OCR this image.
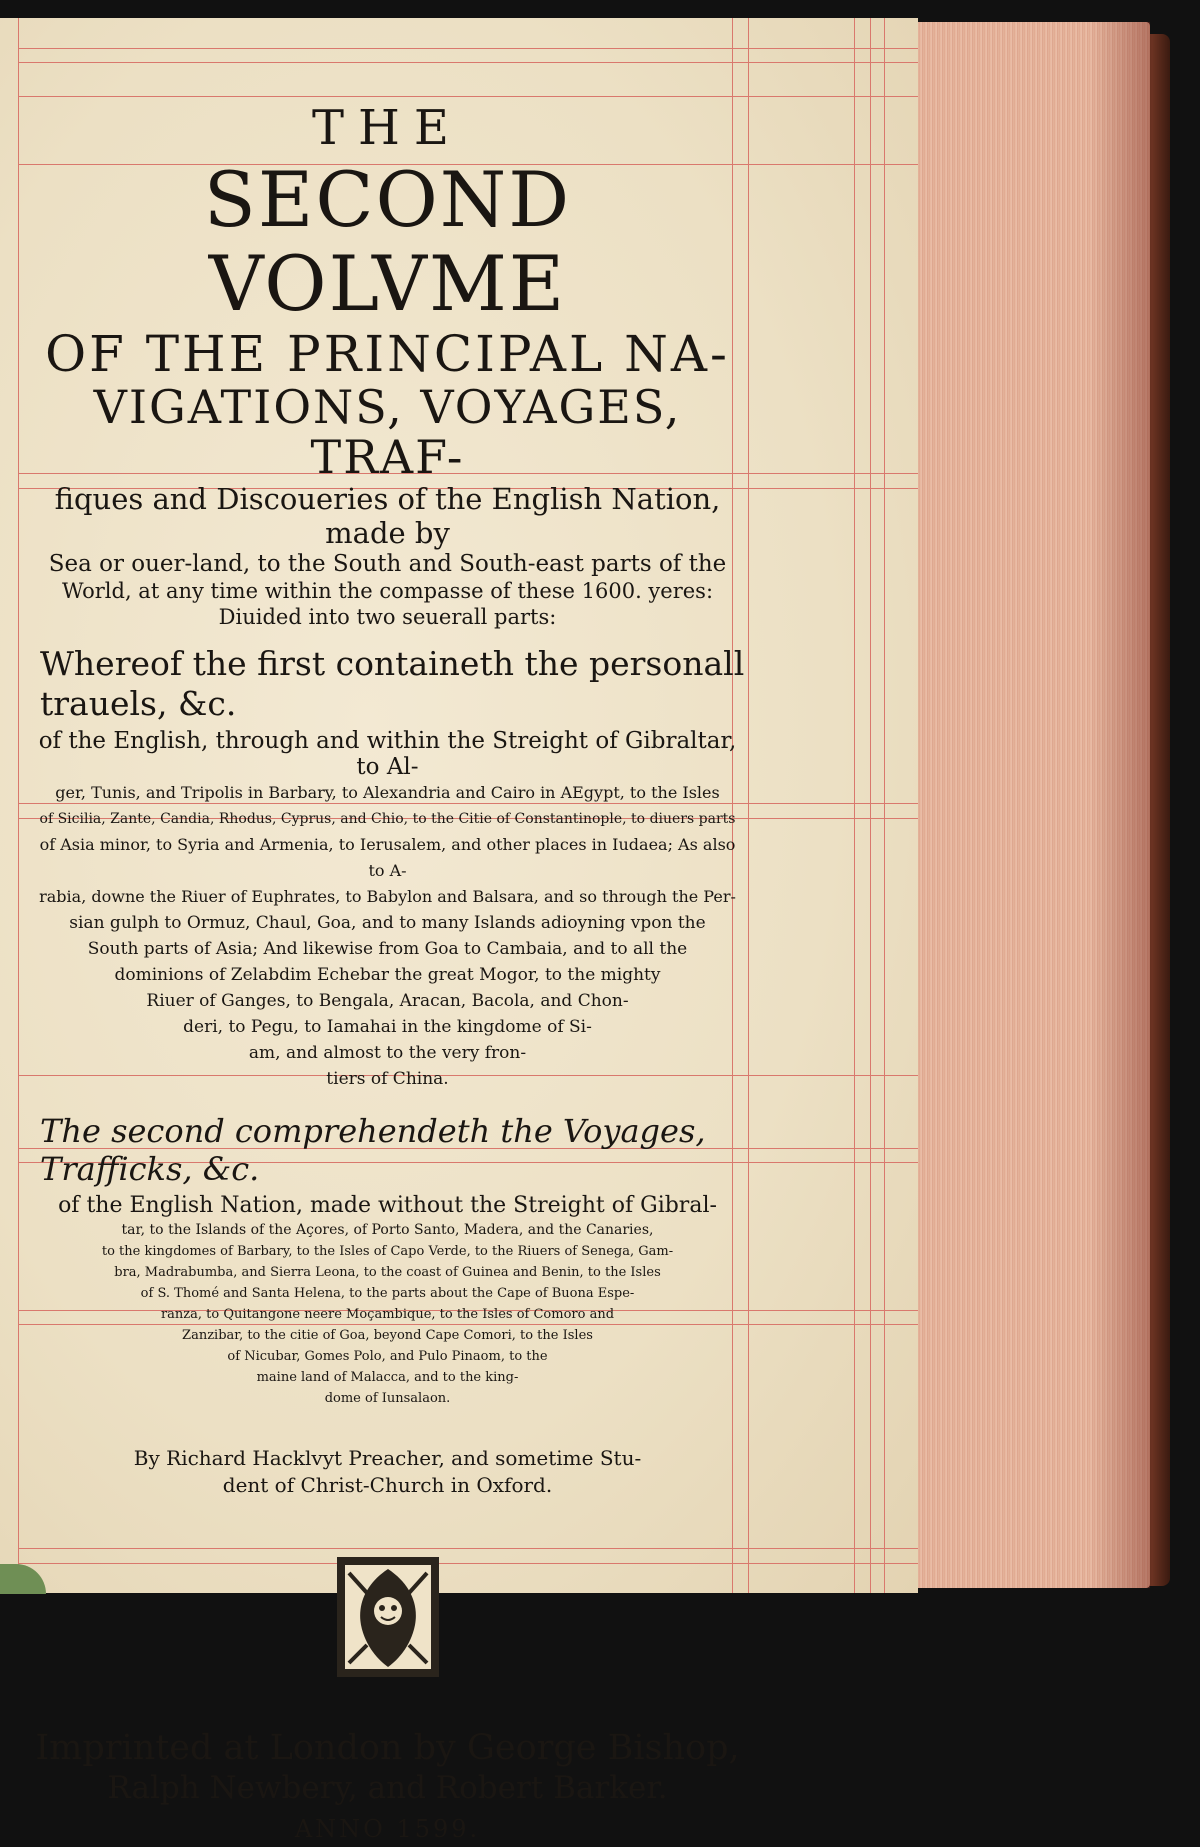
THE

SECOND VOLVME

OF THE PRINCIPAL NA-

VIGATIONS, VOYAGES, TRAF-

fiques and Discoueries of the English Nation, made by

Sea or ouer-land, to the South and South-east parts of the

World, at any time within the compasse of these 1600. yeres:

Diuided into two seuerall parts:

Whereof the first containeth the personall trauels, &c.

of the English, through and within the Streight of Gibraltar, to Al-

ger, Tunis, and Tripolis in Barbary, to Alexandria and Cairo in AEgypt, to the Isles

of Sicilia, Zante, Candia, Rhodus, Cyprus, and Chio, to the Citie of Constantinople, to diuers parts

of Asia minor, to Syria and Armenia, to Ierusalem, and other places in Iudaea; As also to A-

rabia, downe the Riuer of Euphrates, to Babylon and Balsara, and so through the Per-

sian gulph to Ormuz, Chaul, Goa, and to many Islands adioyning vpon the

South parts of Asia; And likewise from Goa to Cambaia, and to all the

dominions of Zelabdim Echebar the great Mogor, to the mighty

Riuer of Ganges, to Bengala, Aracan, Bacola, and Chon-

deri, to Pegu, to Iamahai in the kingdome of Si-

am, and almost to the very fron-

tiers of China.

The second comprehendeth the Voyages, Trafficks, &c.

of the English Nation, made without the Streight of Gibral-

tar, to the Islands of the Açores, of Porto Santo, Madera, and the Canaries,

to the kingdomes of Barbary, to the Isles of Capo Verde, to the Riuers of Senega, Gam-

bra, Madrabumba, and Sierra Leona, to the coast of Guinea and Benin, to the Isles

of S. Thomé and Santa Helena, to the parts about the Cape of Buona Espe-

ranza, to Quitangone neere Moçambique, to the Isles of Comoro and

Zanzibar, to the citie of Goa, beyond Cape Comori, to the Isles

of Nicubar, Gomes Polo, and Pulo Pinaom, to the

maine land of Malacca, and to the king-

dome of Iunsalaon.

By Richard Hacklvyt Preacher, and sometime Stu-

dent of Christ-Church in Oxford.

Imprinted at London by George Bishop,

Ralph Newbery, and Robert Barker.

ANNO 1599.
